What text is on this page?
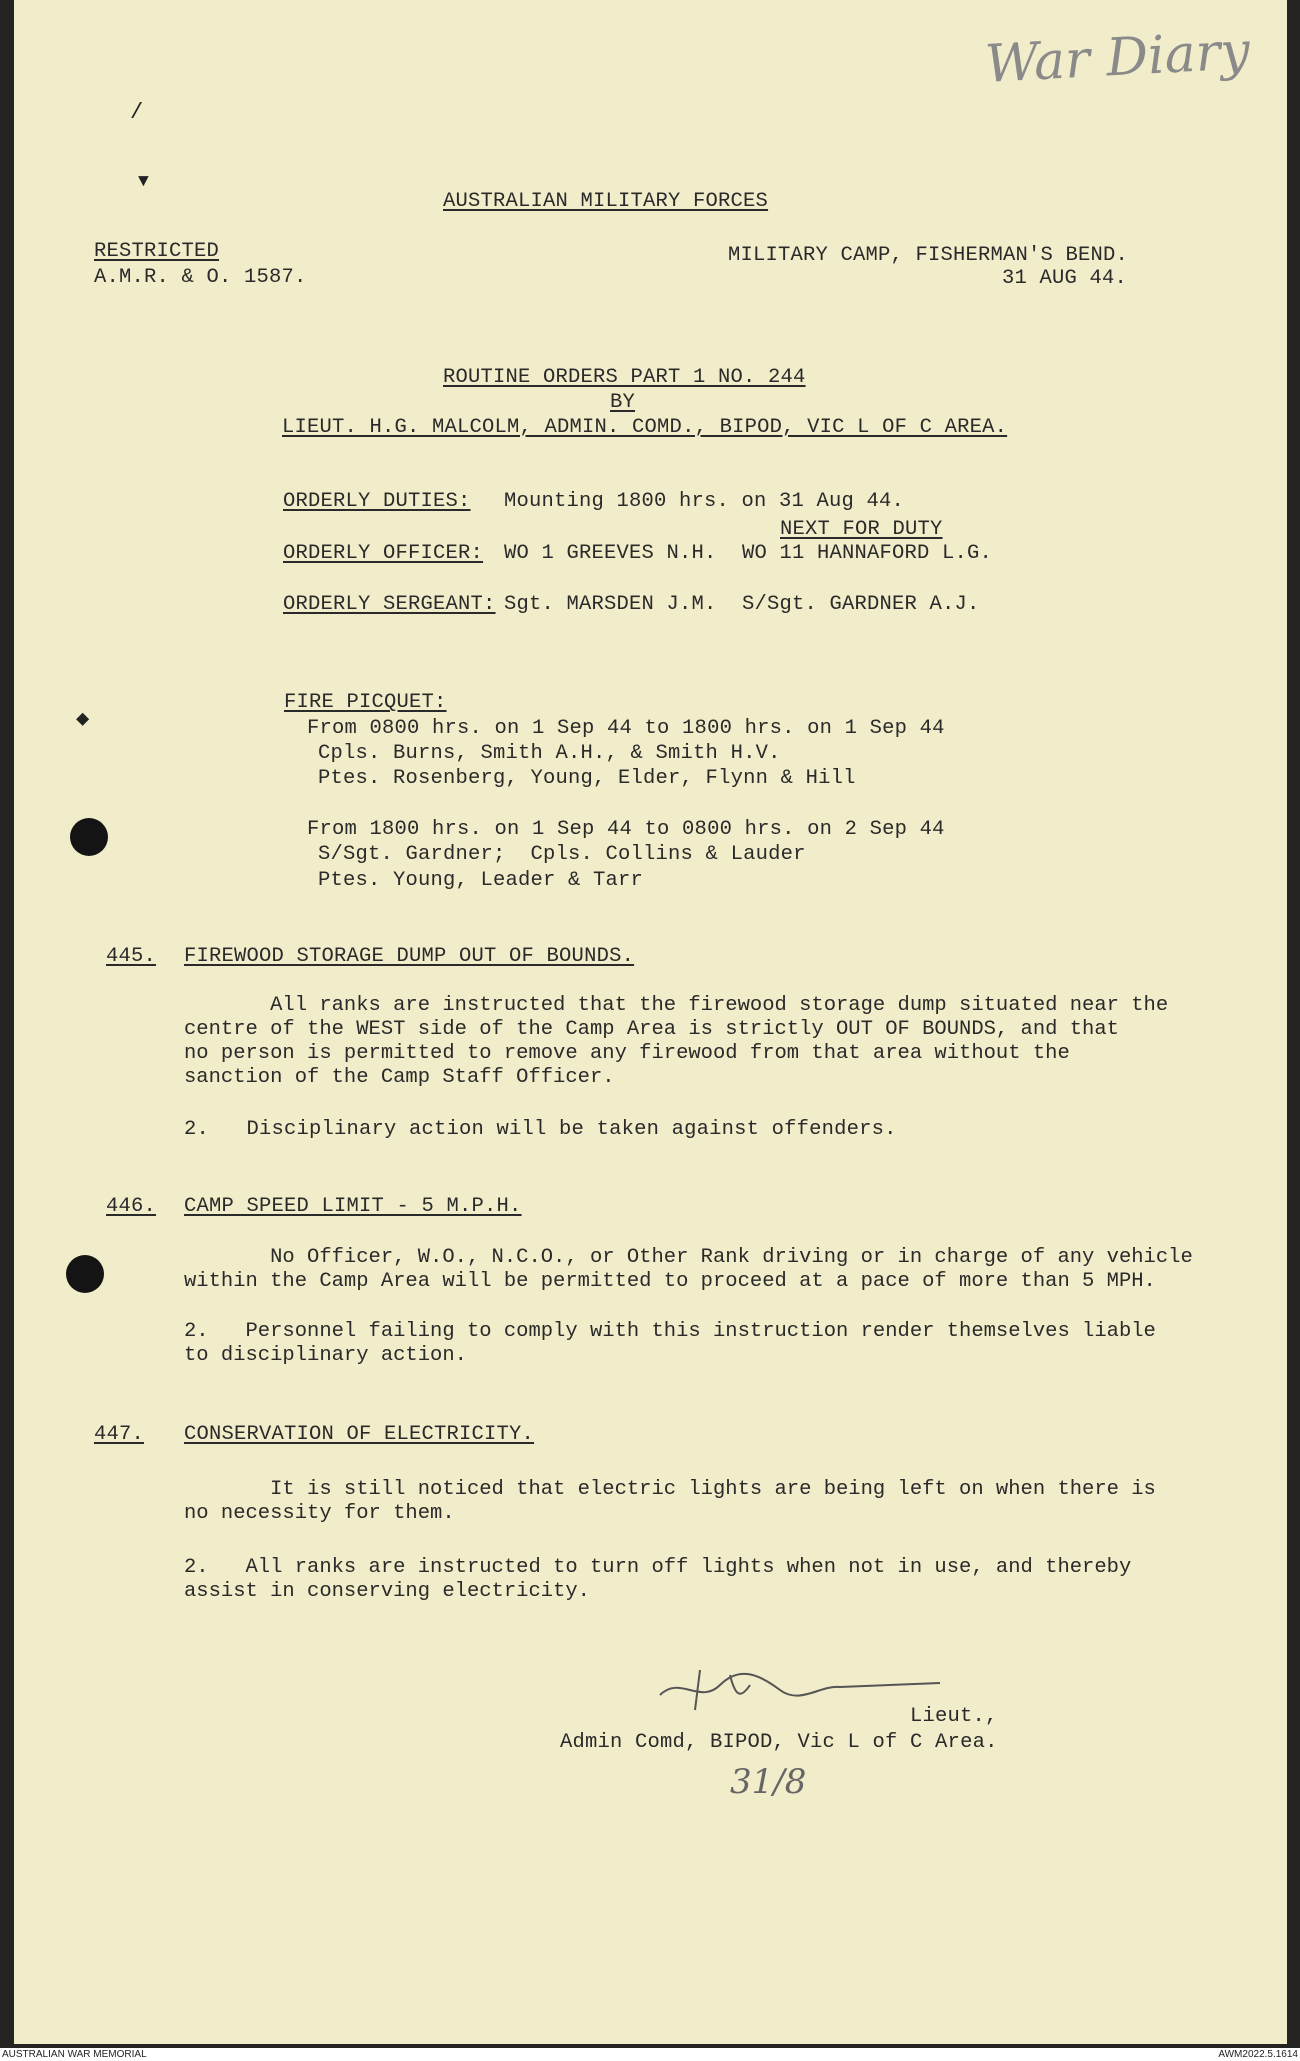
War Diary
/
▼
◆
AUSTRALIAN MILITARY FORCES
RESTRICTED
A.M.R. & O. 1587.
MILITARY CAMP, FISHERMAN'S BEND.
31 AUG 44.
ROUTINE ORDERS PART 1 NO. 244
BY
LIEUT. H.G. MALCOLM, ADMIN. COMD., BIPOD, VIC L OF C AREA.
ORDERLY DUTIES: Mounting 1800 hrs. on 31 Aug 44.
NEXT FOR DUTY
ORDERLY OFFICER: WO 1 GREEVES N.H. WO 11 HANNAFORD L.G.
ORDERLY SERGEANT: Sgt. MARSDEN J.M. S/Sgt. GARDNER A.J.
FIRE PICQUET:
From 0800 hrs. on 1 Sep 44 to 1800 hrs. on 1 Sep 44
Cpls. Burns, Smith A.H., & Smith H.V.
Ptes. Rosenberg, Young, Elder, Flynn & Hill
From 1800 hrs. on 1 Sep 44 to 0800 hrs. on 2 Sep 44
S/Sgt. Gardner;  Cpls. Collins & Lauder
Ptes. Young, Leader & Tarr
445. FIREWOOD STORAGE DUMP OUT OF BOUNDS.
All ranks are instructed that the firewood storage dump situated near the
centre of the WEST side of the Camp Area is strictly OUT OF BOUNDS, and that
no person is permitted to remove any firewood from that area without the
sanction of the Camp Staff Officer.
2.   Disciplinary action will be taken against offenders.
446. CAMP SPEED LIMIT - 5 M.P.H.
No Officer, W.O., N.C.O., or Other Rank driving or in charge of any vehicle
within the Camp Area will be permitted to proceed at a pace of more than 5 MPH.
2.   Personnel failing to comply with this instruction render themselves liable
to disciplinary action.
447. CONSERVATION OF ELECTRICITY.
It is still noticed that electric lights are being left on when there is
no necessity for them.
2.   All ranks are instructed to turn off lights when not in use, and thereby
assist in conserving electricity.
Lieut.,
Admin Comd, BIPOD, Vic L of C Area.
31/8
AUSTRALIAN WAR MEMORIAL	AWM2022.5.1614
